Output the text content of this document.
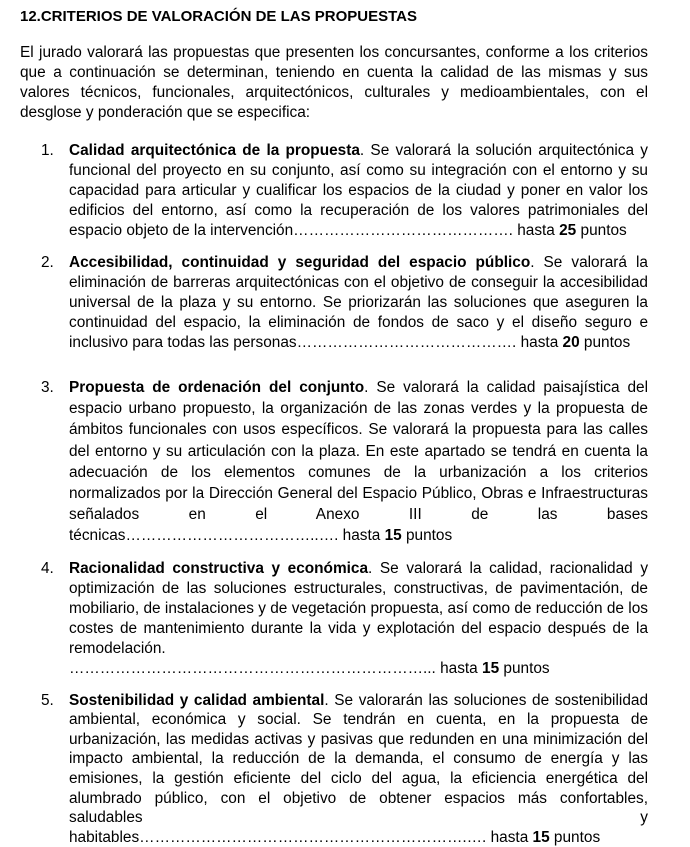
12.CRITERIOS DE VALORACIÓN DE LAS PROPUESTAS

El jurado valorará las propuestas que presenten los concursantes, conforme a los criterios que a continuación se determinan, teniendo en cuenta la calidad de las mismas y sus valores técnicos, funcionales, arquitectónicos, culturales y medioambientales, con el desglose y ponderación que se especifica:

1. Calidad arquitectónica de la propuesta. Se valorará la solución arquitectónica y funcional del proyecto en su conjunto, así como su integración con el entorno y su capacidad para articular y cualificar los espacios de la ciudad y poner en valor los edificios del entorno, así como la recuperación de los valores patrimoniales del espacio objeto de la intervención……………………………………. hasta 25 puntos
2. Accesibilidad, continuidad y seguridad del espacio público. Se valorará la eliminación de barreras arquitectónicas con el objetivo de conseguir la accesibilidad universal de la plaza y su entorno. Se priorizarán las soluciones que aseguren la continuidad del espacio, la eliminación de fondos de saco y el diseño seguro e inclusivo para todas las personas……………………………………. hasta 20 puntos
3. Propuesta de ordenación del conjunto. Se valorará la calidad paisajística del espacio urbano propuesto, la organización de las zonas verdes y la propuesta de ámbitos funcionales con usos específicos. Se valorará la propuesta para las calles del entorno y su articulación con la plaza. En este apartado se tendrá en cuenta la adecuación de los elementos comunes de la urbanización a los criterios normalizados por la Dirección General del Espacio Público, Obras e Infraestructuras señalados en el Anexo III de las bases técnicas………………………………..…. hasta 15 puntos
4. Racionalidad constructiva y económica. Se valorará la calidad, racionalidad y optimización de las soluciones estructurales, constructivas, de pavimentación, de mobiliario, de instalaciones y de vegetación propuesta, así como de reducción de los costes de mantenimiento durante la vida y explotación del espacio después de la remodelación. ……………………………………………………………... hasta 15 puntos
5. Sostenibilidad y calidad ambiental. Se valorarán las soluciones de sostenibilidad ambiental, económica y social. Se tendrán en cuenta, en la propuesta de urbanización, las medidas activas y pasivas que redunden en una minimización del impacto ambiental, la reducción de la demanda, el consumo de energía y las emisiones, la gestión eficiente del ciclo del agua, la eficiencia energética del alumbrado público, con el objetivo de obtener espacios más confortables, saludables y habitables……………………………………………………….…. hasta 15 puntos
